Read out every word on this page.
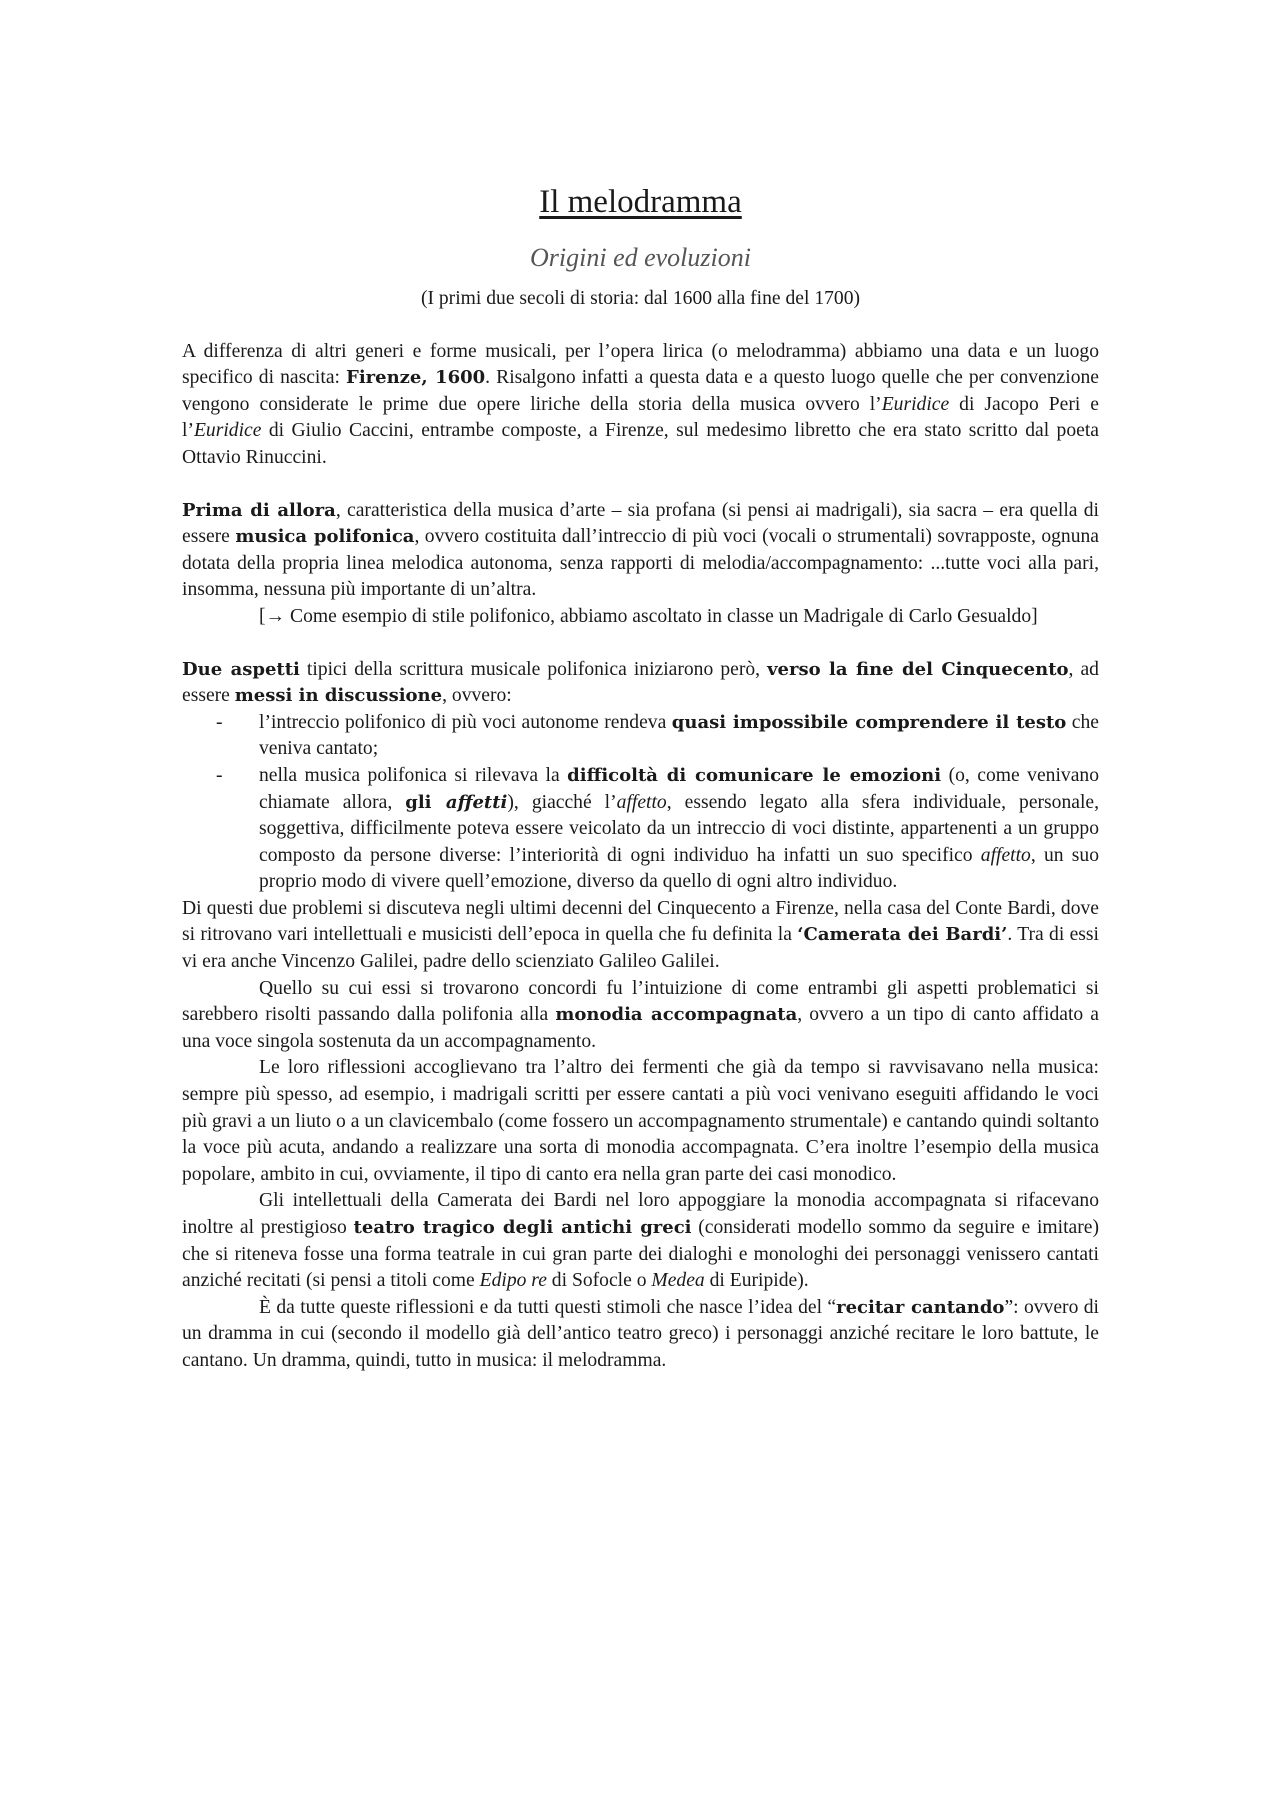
Il melodramma
Origini ed evoluzioni
(I primi due secoli di storia: dal 1600 alla fine del 1700)

A differenza di altri generi e forme musicali, per l’opera lirica (o melodramma) abbiamo una data e un luogo specifico di nascita: Firenze, 1600. Risalgono infatti a questa data e a questo luogo quelle che per convenzione vengono considerate le prime due opere liriche della storia della musica ovvero l’Euridice di Jacopo Peri e l’Euridice di Giulio Caccini, entrambe composte, a Firenze, sul medesimo libretto che era stato scritto dal poeta Ottavio Rinuccini.

Prima di allora, caratteristica della musica d’arte – sia profana (si pensi ai madrigali), sia sacra – era quella di essere musica polifonica, ovvero costituita dall’intreccio di più voci (vocali o strumentali) sovrapposte, ognuna dotata della propria linea melodica autonoma, senza rapporti di melodia/accompagnamento: ...tutte voci alla pari, insomma, nessuna più importante di un’altra.

[→ Come esempio di stile polifonico, abbiamo ascoltato in classe un Madrigale di Carlo Gesualdo]

Due aspetti tipici della scrittura musicale polifonica iniziarono però, verso la fine del Cinquecento, ad essere messi in discussione, ovvero:

- l’intreccio polifonico di più voci autonome rendeva quasi impossibile comprendere il testo che veniva cantato;
- nella musica polifonica si rilevava la difficoltà di comunicare le emozioni (o, come venivano chiamate allora, gli affetti), giacché l’affetto, essendo legato alla sfera individuale, personale, soggettiva, difficilmente poteva essere veicolato da un intreccio di voci distinte, appartenenti a un gruppo composto da persone diverse: l’interiorità di ogni individuo ha infatti un suo specifico affetto, un suo proprio modo di vivere quell’emozione, diverso da quello di ogni altro individuo.

Di questi due problemi si discuteva negli ultimi decenni del Cinquecento a Firenze, nella casa del Conte Bardi, dove si ritrovano vari intellettuali e musicisti dell’epoca in quella che fu definita la ‘Camerata dei Bardi’. Tra di essi vi era anche Vincenzo Galilei, padre dello scienziato Galileo Galilei.

Quello su cui essi si trovarono concordi fu l’intuizione di come entrambi gli aspetti problematici si sarebbero risolti passando dalla polifonia alla monodia accompagnata, ovvero a un tipo di canto affidato a una voce singola sostenuta da un accompagnamento.

Le loro riflessioni accoglievano tra l’altro dei fermenti che già da tempo si ravvisavano nella musica: sempre più spesso, ad esempio, i madrigali scritti per essere cantati a più voci venivano eseguiti affidando le voci più gravi a un liuto o a un clavicembalo (come fossero un accompagnamento strumentale) e cantando quindi soltanto la voce più acuta, andando a realizzare una sorta di monodia accompagnata. C’era inoltre l’esempio della musica popolare, ambito in cui, ovviamente, il tipo di canto era nella gran parte dei casi monodico.

Gli intellettuali della Camerata dei Bardi nel loro appoggiare la monodia accompagnata si rifacevano inoltre al prestigioso teatro tragico degli antichi greci (considerati modello sommo da seguire e imitare) che si riteneva fosse una forma teatrale in cui gran parte dei dialoghi e monologhi dei personaggi venissero cantati anziché recitati (si pensi a titoli come Edipo re di Sofocle o Medea di Euripide).

È da tutte queste riflessioni e da tutti questi stimoli che nasce l’idea del “recitar cantando”: ovvero di un dramma in cui (secondo il modello già dell’antico teatro greco) i personaggi anziché recitare le loro battute, le cantano. Un dramma, quindi, tutto in musica: il melodramma.
